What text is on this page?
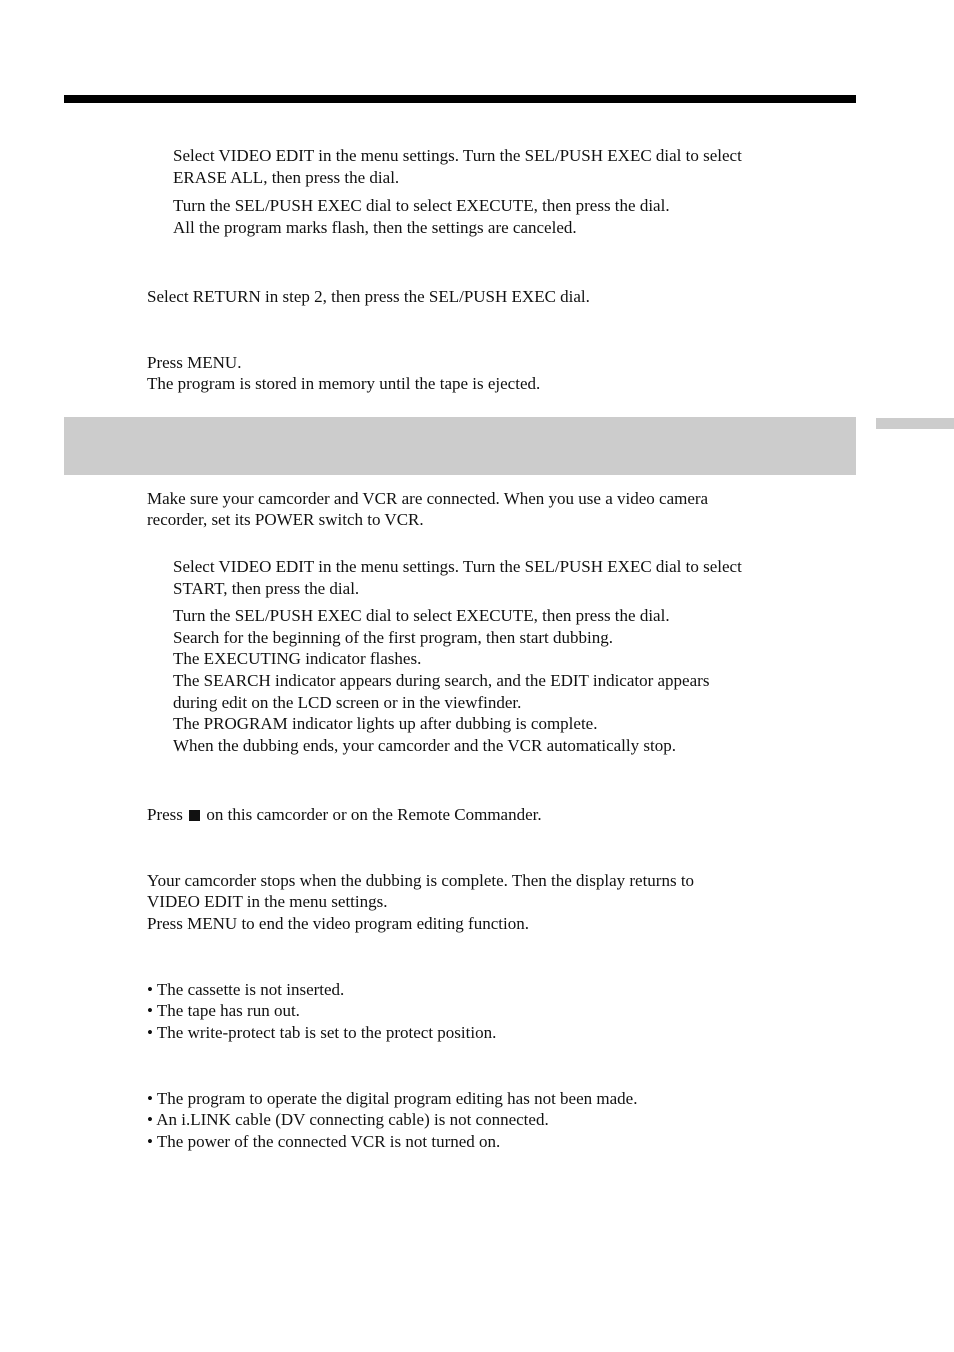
Select VIDEO EDIT in the menu settings. Turn the SEL/PUSH EXEC dial to select
ERASE ALL, then press the dial.
Turn the SEL/PUSH EXEC dial to select EXECUTE, then press the dial.
All the program marks flash, then the settings are canceled.
Select RETURN in step 2, then press the SEL/PUSH EXEC dial.
Press MENU.
The program is stored in memory until the tape is ejected.
Make sure your camcorder and VCR are connected. When you use a video camera
recorder, set its POWER switch to VCR.
Select VIDEO EDIT in the menu settings. Turn the SEL/PUSH EXEC dial to select
START, then press the dial.
Turn the SEL/PUSH EXEC dial to select EXECUTE, then press the dial.
Search for the beginning of the first program, then start dubbing.
The EXECUTING indicator flashes.
The SEARCH indicator appears during search, and the EDIT indicator appears
during edit on the LCD screen or in the viewfinder.
The PROGRAM indicator lights up after dubbing is complete.
When the dubbing ends, your camcorder and the VCR automatically stop.
Press on this camcorder or on the Remote Commander.
Your camcorder stops when the dubbing is complete. Then the display returns to
VIDEO EDIT in the menu settings.
Press MENU to end the video program editing function.
• The cassette is not inserted.
• The tape has run out.
• The write-protect tab is set to the protect position.
• The program to operate the digital program editing has not been made.
• An i.LINK cable (DV connecting cable) is not connected.
• The power of the connected VCR is not turned on.
